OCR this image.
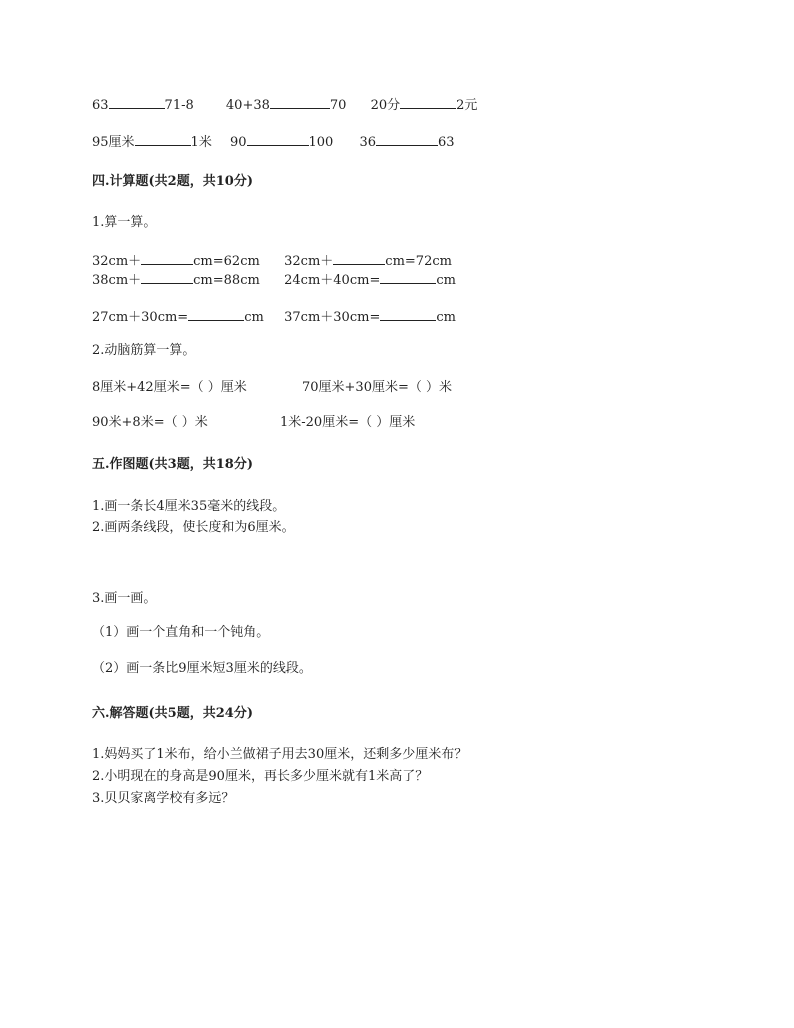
63	71-8 40+38	70 20分	2元
95厘米	1米 90	100 36	63
四.计算题(共2题，共10分)
1.算一算。
32cm＋	cm=62cm 32cm＋	cm=72cm
38cm＋	cm=88cm 24cm＋40cm=	cm
27cm＋30cm=	cm 37cm＋30cm=	cm
2.动脑筋算一算。
8厘米+42厘米=（ ）厘米	70厘米+30厘米=（ ）米
90米+8米=（ ）米	1米-20厘米=（ ）厘米
五.作图题(共3题，共18分)
1.画一条长4厘米35毫米的线段。
2.画两条线段，使长度和为6厘米。
3.画一画。
（1）画一个直角和一个钝角。
（2）画一条比9厘米短3厘米的线段。
六.解答题(共5题，共24分)
1.妈妈买了1米布，给小兰做裙子用去30厘米，还剩多少厘米布？
2.小明现在的身高是90厘米，再长多少厘米就有1米高了？
3.贝贝家离学校有多远？
